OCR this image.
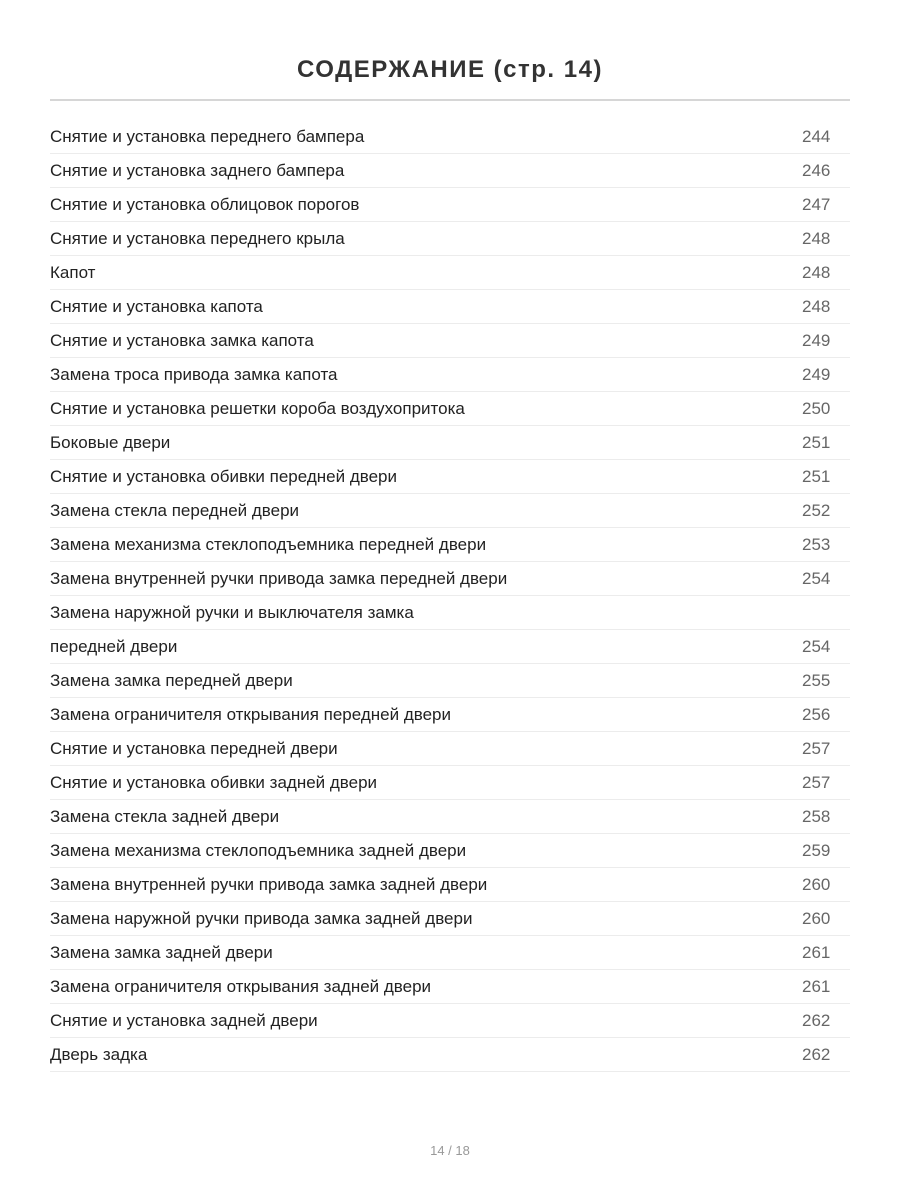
СОДЕРЖАНИЕ (стр. 14)
Снятие и установка переднего бампера	244
Снятие и установка заднего бампера	246
Снятие и установка облицовок порогов	247
Снятие и установка переднего крыла	248
Капот	248
Снятие и установка капота	248
Снятие и установка замка капота	249
Замена троса привода замка капота	249
Снятие и установка решетки короба воздухопритока	250
Боковые двери	251
Снятие и установка обивки передней двери	251
Замена стекла передней двери	252
Замена механизма стеклоподъемника передней двери	253
Замена внутренней ручки привода замка передней двери	254
Замена наружной ручки и выключателя замка
передней двери	254
Замена замка передней двери	255
Замена ограничителя открывания передней двери	256
Снятие и установка передней двери	257
Снятие и установка обивки задней двери	257
Замена стекла задней двери	258
Замена механизма стеклоподъемника задней двери	259
Замена внутренней ручки привода замка задней двери	260
Замена наружной ручки привода замка задней двери	260
Замена замка задней двери	261
Замена ограничителя открывания задней двери	261
Снятие и установка задней двери	262
Дверь задка	262
14 / 18
